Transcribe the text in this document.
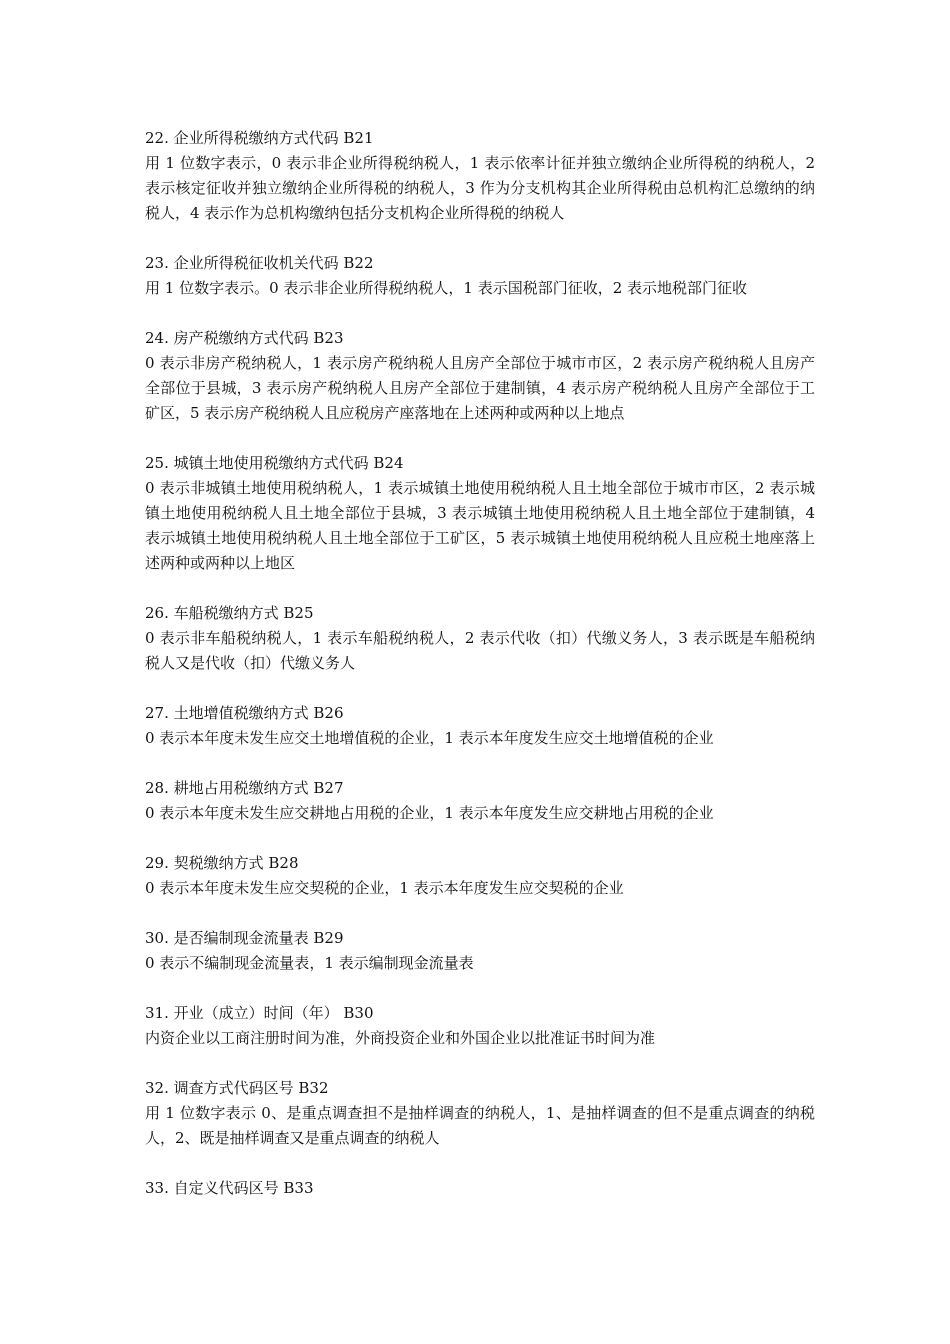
22. 企业所得税缴纳方式代码 B21
用 1 位数字表示，0 表示非企业所得税纳税人，1 表示依率计征并独立缴纳企业所得税的纳税人，2 表示核定征收并独立缴纳企业所得税的纳税人，3 作为分支机构其企业所得税由总机构汇总缴纳的纳税人，4 表示作为总机构缴纳包括分支机构企业所得税的纳税人
23. 企业所得税征收机关代码 B22
用 1 位数字表示。0 表示非企业所得税纳税人，1 表示国税部门征收，2 表示地税部门征收
24. 房产税缴纳方式代码 B23
0 表示非房产税纳税人，1 表示房产税纳税人且房产全部位于城市市区，2 表示房产税纳税人且房产全部位于县城，3 表示房产税纳税人且房产全部位于建制镇，4 表示房产税纳税人且房产全部位于工矿区，5 表示房产税纳税人且应税房产座落地在上述两种或两种以上地点
25. 城镇土地使用税缴纳方式代码 B24
0 表示非城镇土地使用税纳税人，1 表示城镇土地使用税纳税人且土地全部位于城市市区，2 表示城镇土地使用税纳税人且土地全部位于县城，3 表示城镇土地使用税纳税人且土地全部位于建制镇，4 表示城镇土地使用税纳税人且土地全部位于工矿区，5 表示城镇土地使用税纳税人且应税土地座落上述两种或两种以上地区
26. 车船税缴纳方式 B25
0 表示非车船税纳税人，1 表示车船税纳税人，2 表示代收（扣）代缴义务人，3 表示既是车船税纳税人又是代收（扣）代缴义务人
27. 土地增值税缴纳方式 B26
0 表示本年度未发生应交土地增值税的企业，1 表示本年度发生应交土地增值税的企业
28. 耕地占用税缴纳方式 B27
0 表示本年度未发生应交耕地占用税的企业，1 表示本年度发生应交耕地占用税的企业
29. 契税缴纳方式 B28
0 表示本年度未发生应交契税的企业，1 表示本年度发生应交契税的企业
30. 是否编制现金流量表 B29
0 表示不编制现金流量表，1 表示编制现金流量表
31. 开业（成立）时间（年） B30
内资企业以工商注册时间为准，外商投资企业和外国企业以批准证书时间为准
32. 调查方式代码区号 B32
用 1 位数字表示 0、是重点调查担不是抽样调查的纳税人，1、是抽样调查的但不是重点调查的纳税人，2、既是抽样调查又是重点调查的纳税人
33. 自定义代码区号 B33
